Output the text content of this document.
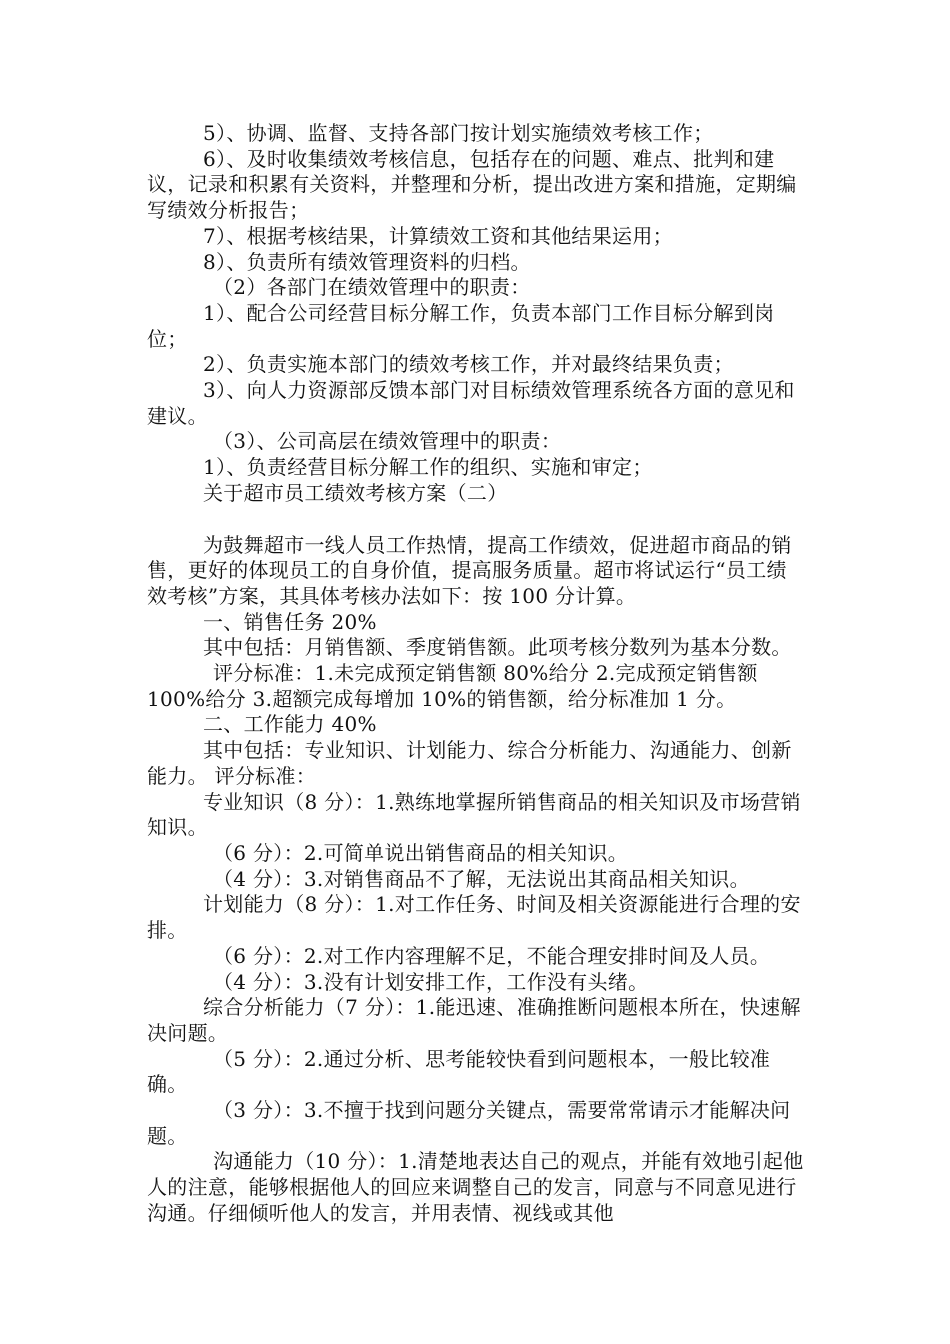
5）、协调、监督、支持各部门按计划实施绩效考核工作；

6）、及时收集绩效考核信息，包括存在的问题、难点、批判和建议，记录和积累有关资料，并整理和分析，提出改进方案和措施，定期编写绩效分析报告；

7）、根据考核结果，计算绩效工资和其他结果运用；

8）、负责所有绩效管理资料的归档。

（2）各部门在绩效管理中的职责：

1）、配合公司经营目标分解工作，负责本部门工作目标分解到岗位；

2）、负责实施本部门的绩效考核工作，并对最终结果负责；

3）、向人力资源部反馈本部门对目标绩效管理系统各方面的意见和建议。

（3）、公司高层在绩效管理中的职责：

1）、负责经营目标分解工作的组织、实施和审定；

关于超市员工绩效考核方案（二）

为鼓舞超市一线人员工作热情，提高工作绩效，促进超市商品的销售，更好的体现员工的自身价值，提高服务质量。超市将试运行“员工绩效考核”方案，其具体考核办法如下：按 100 分计算。

一、销售任务 20%

其中包括：月销售额、季度销售额。此项考核分数列为基本分数。

评分标准：1.未完成预定销售额 80%给分 2.完成预定销售额 100%给分 3.超额完成每增加 10%的销售额，给分标准加 1 分。

二、工作能力 40%

其中包括：专业知识、计划能力、综合分析能力、沟通能力、创新能力。 评分标准：

专业知识（8 分）：1.熟练地掌握所销售商品的相关知识及市场营销知识。

（6 分）：2.可简单说出销售商品的相关知识。

（4 分）：3.对销售商品不了解，无法说出其商品相关知识。

计划能力（8 分）：1.对工作任务、时间及相关资源能进行合理的安排。

（6 分）：2.对工作内容理解不足，不能合理安排时间及人员。

（4 分）：3.没有计划安排工作，工作没有头绪。

综合分析能力（7 分）：1.能迅速、准确推断问题根本所在，快速解决问题。

（5 分）：2.通过分析、思考能较快看到问题根本，一般比较准确。

（3 分）：3.不擅于找到问题分关键点，需要常常请示才能解决问题。

沟通能力（10 分）：1.清楚地表达自己的观点，并能有效地引起他人的注意，能够根据他人的回应来调整自己的发言，同意与不同意见进行沟通。仔细倾听他人的发言，并用表情、视线或其他
